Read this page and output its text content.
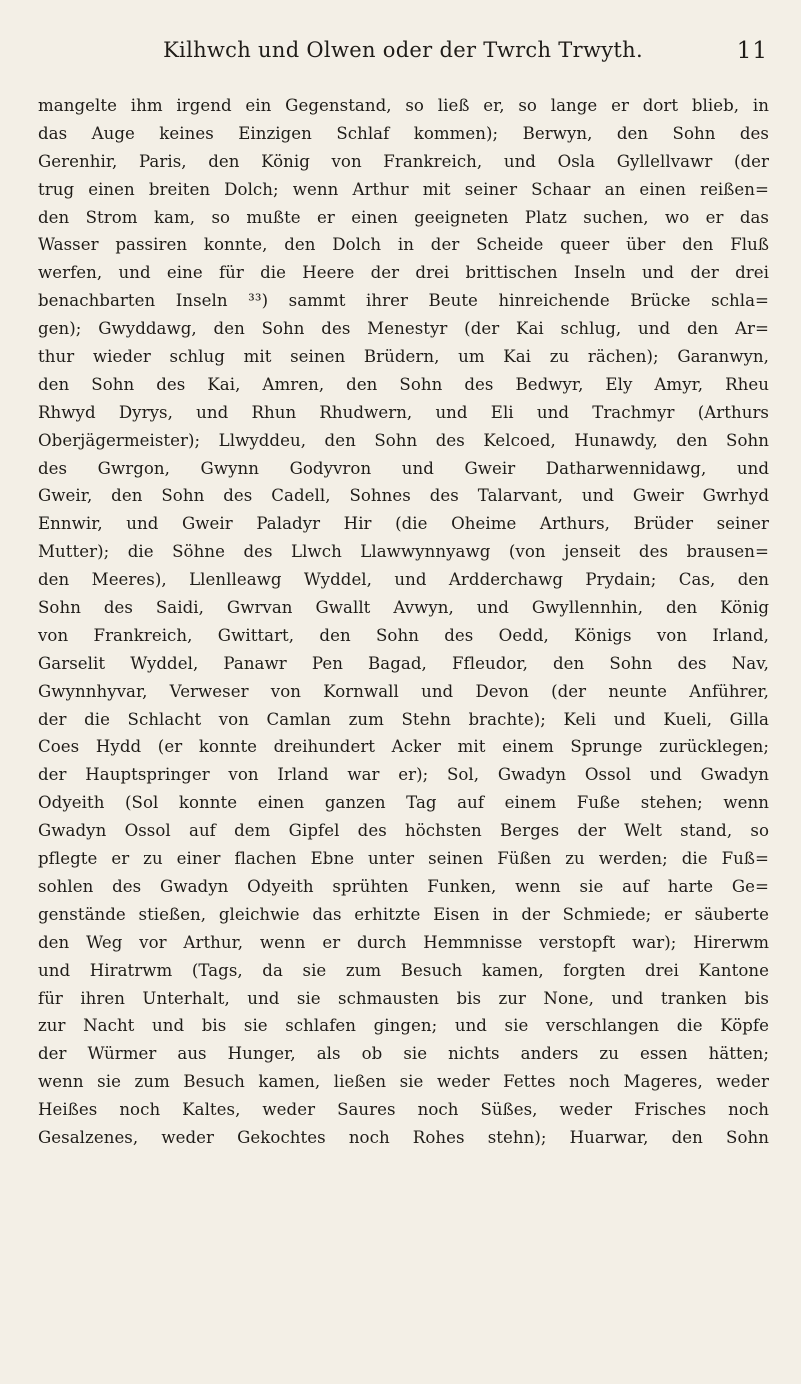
Kilhwch und Olwen oder der Twrch Trwyth.	11
mangelte ihm irgend ein Gegenstand, so ließ er, so lange er dort blieb, in
das Auge keines Einzigen Schlaf kommen); Berwyn, den Sohn des
Gerenhir, Paris, den König von Frankreich, und Osla Gyllellvawr (der
trug einen breiten Dolch; wenn Arthur mit seiner Schaar an einen reißen=
den Strom kam, so mußte er einen geeigneten Platz suchen, wo er das
Wasser passiren konnte, den Dolch in der Scheide queer über den Fluß
werfen, und eine für die Heere der drei brittischen Inseln und der drei
benachbarten Inseln ³³) sammt ihrer Beute hinreichende Brücke schla=
gen); Gwyddawg, den Sohn des Menestyr (der Kai schlug, und den Ar=
thur wieder schlug mit seinen Brüdern, um Kai zu rächen); Garanwyn,
den Sohn des Kai, Amren, den Sohn des Bedwyr, Ely Amyr, Rheu
Rhwyd Dyrys, und Rhun Rhudwern, und Eli und Trachmyr (Arthurs
Oberjägermeister); Llwyddeu, den Sohn des Kelcoed, Hunawdy, den Sohn
des Gwrgon, Gwynn Godyvron und Gweir Datharwennidawg, und
Gweir, den Sohn des Cadell, Sohnes des Talarvant, und Gweir Gwrhyd
Ennwir, und Gweir Paladyr Hir (die Oheime Arthurs, Brüder seiner
Mutter); die Söhne des Llwch Llawwynnyawg (von jenseit des brausen=
den Meeres), Llenlleawg Wyddel, und Ardderchawg Prydain; Cas, den
Sohn des Saidi, Gwrvan Gwallt Avwyn, und Gwyllennhin, den König
von Frankreich, Gwittart, den Sohn des Oedd, Königs von Irland,
Garselit Wyddel, Panawr Pen Bagad, Ffleudor, den Sohn des Nav,
Gwynnhyvar, Verweser von Kornwall und Devon (der neunte Anführer,
der die Schlacht von Camlan zum Stehn brachte); Keli und Kueli, Gilla
Coes Hydd (er konnte dreihundert Acker mit einem Sprunge zurücklegen;
der Hauptspringer von Irland war er); Sol, Gwadyn Ossol und Gwadyn
Odyeith (Sol konnte einen ganzen Tag auf einem Fuße stehen; wenn
Gwadyn Ossol auf dem Gipfel des höchsten Berges der Welt stand, so
pflegte er zu einer flachen Ebne unter seinen Füßen zu werden; die Fuß=
sohlen des Gwadyn Odyeith sprühten Funken, wenn sie auf harte Ge=
genstände stießen, gleichwie das erhitzte Eisen in der Schmiede; er säuberte
den Weg vor Arthur, wenn er durch Hemmnisse verstopft war); Hirerwm
und Hiratrwm (Tags, da sie zum Besuch kamen, forgten drei Kantone
für ihren Unterhalt, und sie schmausten bis zur None, und tranken bis
zur Nacht und bis sie schlafen gingen; und sie verschlangen die Köpfe
der Würmer aus Hunger, als ob sie nichts anders zu essen hätten;
wenn sie zum Besuch kamen, ließen sie weder Fettes noch Mageres, weder
Heißes noch Kaltes, weder Saures noch Süßes, weder Frisches noch
Gesalzenes, weder Gekochtes noch Rohes stehn); Huarwar, den Sohn
